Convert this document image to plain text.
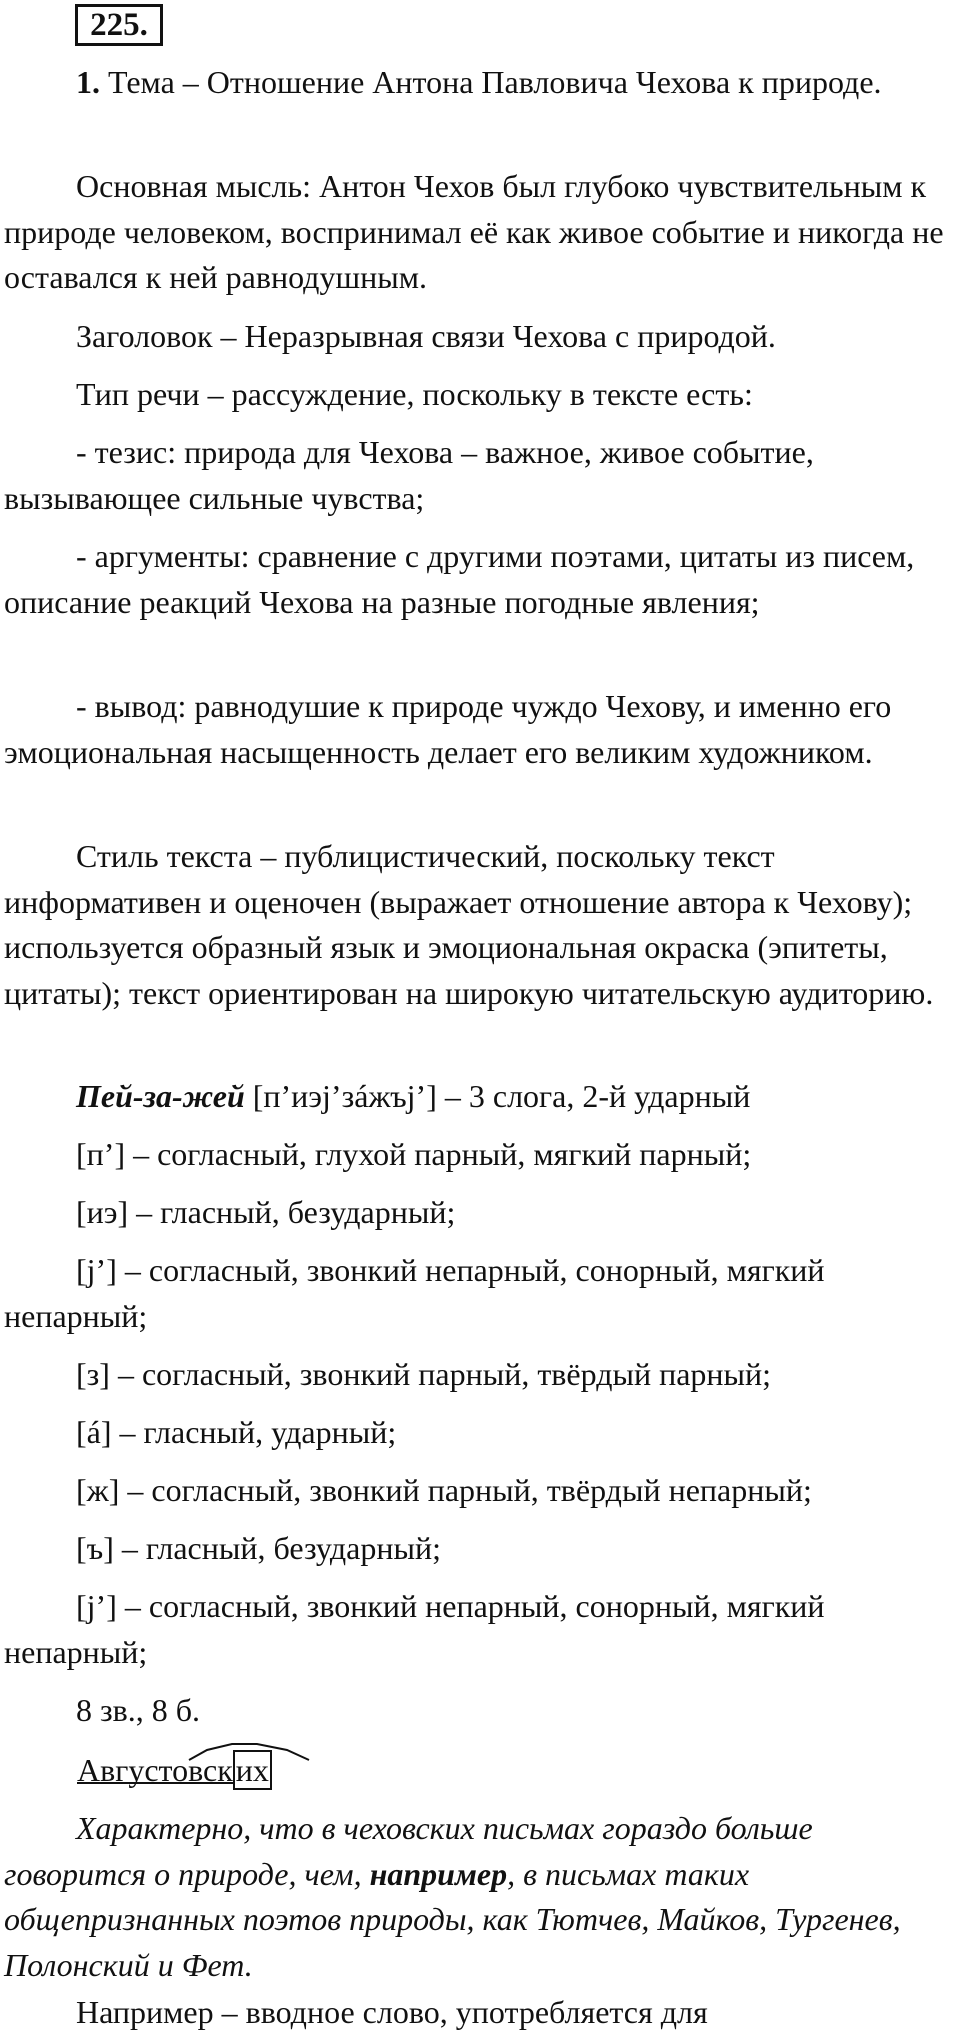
225.

1. Тема – Отношение Антона Павловича Чехова к природе.

Основная мысль: Антон Чехов был глубоко чувствительным к природе человеком, воспринимал её как живое событие и никогда не оставался к ней равнодушным.

Заголовок – Неразрывная связи Чехова с природой.

Тип речи – рассуждение, поскольку в тексте есть:

- тезис: природа для Чехова – важное, живое событие, вызывающее сильные чувства;

- аргументы: сравнение с другими поэтами, цитаты из писем, описание реакций Чехова на разные погодные явления;

- вывод: равнодушие к природе чуждо Чехову, и именно его эмоциональная насыщенность делает его великим художником.

Стиль текста – публицистический, поскольку текст информативен и оценочен (выражает отношение автора к Чехову); используется образный язык и эмоциональная окраска (эпитеты, цитаты); текст ориентирован на широкую читательскую аудиторию.

Пей-за-жей [п’иэj’зáжъj’] – 3 слога, 2-й ударный

[п’] – согласный, глухой парный, мягкий парный;

[иэ] – гласный, безударный;

[j’] – согласный, звонкий непарный, сонорный, мягкий непарный;

[з] – согласный, звонкий парный, твёрдый парный;

[á] – гласный, ударный;

[ж] – согласный, звонкий парный, твёрдый непарный;

[ъ] – гласный, безударный;

[j’] – согласный, звонкий непарный, сонорный, мягкий непарный;

8 зв., 8 б.

Августовских

Характерно, что в чеховских письмах гораздо больше говорится о природе, чем, например, в письмах таких общепризнанных поэтов природы, как Тютчев, Майков, Тургенев, Полонский и Фет.

Например – вводное слово, употребляется для
